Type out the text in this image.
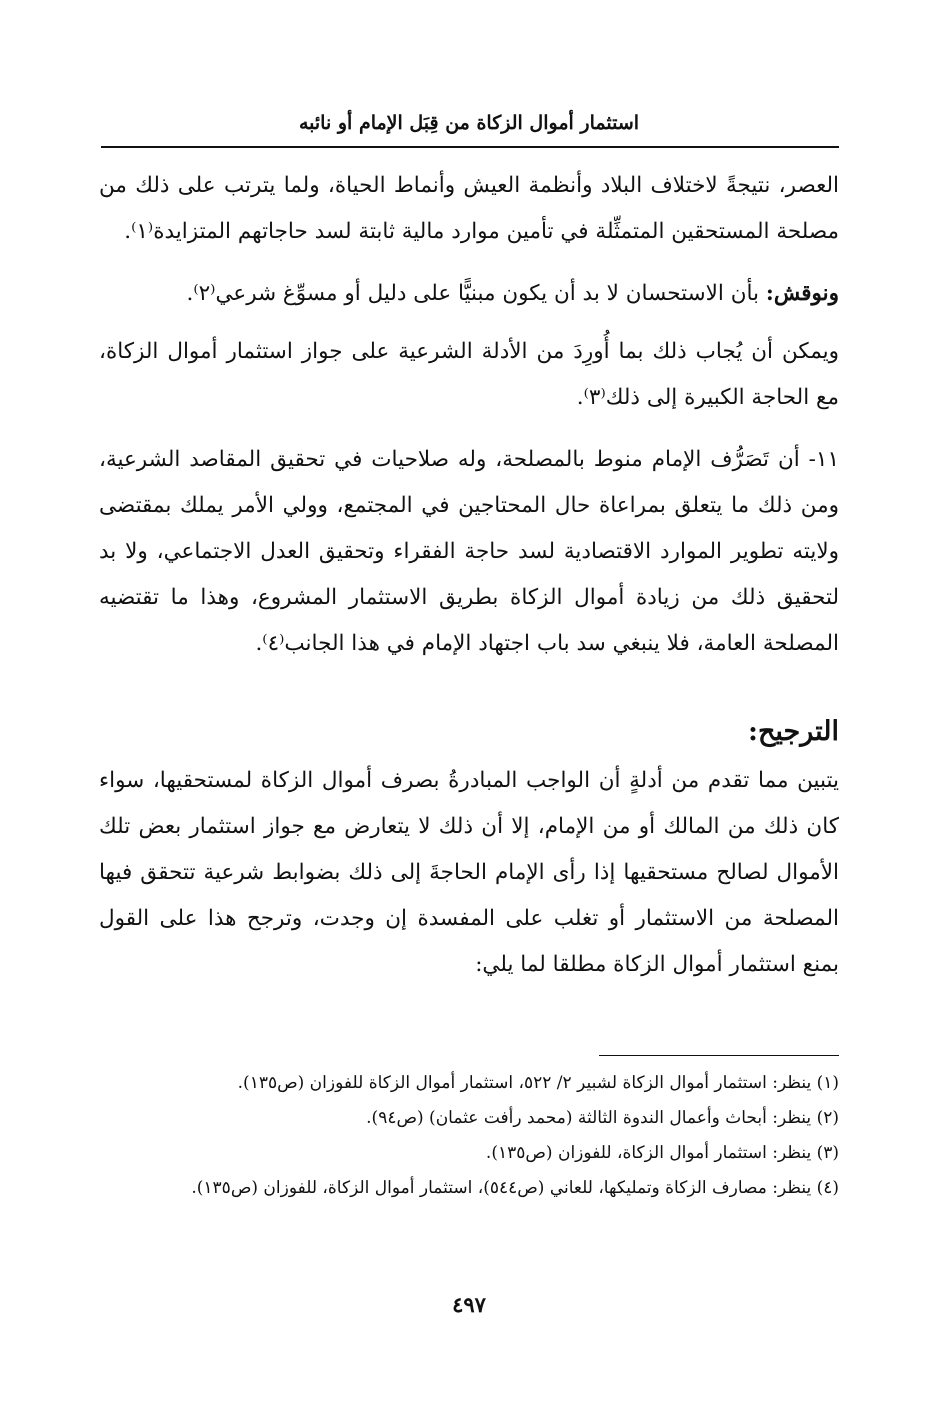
استثمار أموال الزكاة من قِبَل الإمام أو نائبه

العصر، نتيجةً لاختلاف البلاد وأنظمة العيش وأنماط الحياة، ولما يترتب على ذلك من مصلحة المستحقين المتمثِّلة في تأمين موارد مالية ثابتة لسد حاجاتهم المتزايدة⁽١⁾.

ونوقش: بأن الاستحسان لا بد أن يكون مبنيًّا على دليل أو مسوِّغ شرعي⁽٢⁾.

ويمكن أن يُجاب ذلك بما أُورِدَ من الأدلة الشرعية على جواز استثمار أموال الزكاة، مع الحاجة الكبيرة إلى ذلك⁽٣⁾.

١١- أن تَصَرُّف الإمام منوط بالمصلحة، وله صلاحيات في تحقيق المقاصد الشرعية، ومن ذلك ما يتعلق بمراعاة حال المحتاجين في المجتمع، وولي الأمر يملك بمقتضى ولايته تطوير الموارد الاقتصادية لسد حاجة الفقراء وتحقيق العدل الاجتماعي، ولا بد لتحقيق ذلك من زيادة أموال الزكاة بطريق الاستثمار المشروع، وهذا ما تقتضيه المصلحة العامة، فلا ينبغي سد باب اجتهاد الإمام في هذا الجانب⁽٤⁾.

الترجيح:

يتبين مما تقدم من أدلةٍ أن الواجب المبادرةُ بصرف أموال الزكاة لمستحقيها، سواء كان ذلك من المالك أو من الإمام، إلا أن ذلك لا يتعارض مع جواز استثمار بعض تلك الأموال لصالح مستحقيها إذا رأى الإمام الحاجةَ إلى ذلك بضوابط شرعية تتحقق فيها المصلحة من الاستثمار أو تغلب على المفسدة إن وجدت، وترجح هذا على القول بمنع استثمار أموال الزكاة مطلقا لما يلي:

(١) ينظر: استثمار أموال الزكاة لشبير ٢/ ٥٢٢، استثمار أموال الزكاة للفوزان (ص١٣٥).
(٢) ينظر: أبحاث وأعمال الندوة الثالثة (محمد رأفت عثمان) (ص٩٤).
(٣) ينظر: استثمار أموال الزكاة، للفوزان (ص١٣٥).
(٤) ينظر: مصارف الزكاة وتمليكها، للعاني (ص٥٤٤)، استثمار أموال الزكاة، للفوزان (ص١٣٥).
٤٩٧
